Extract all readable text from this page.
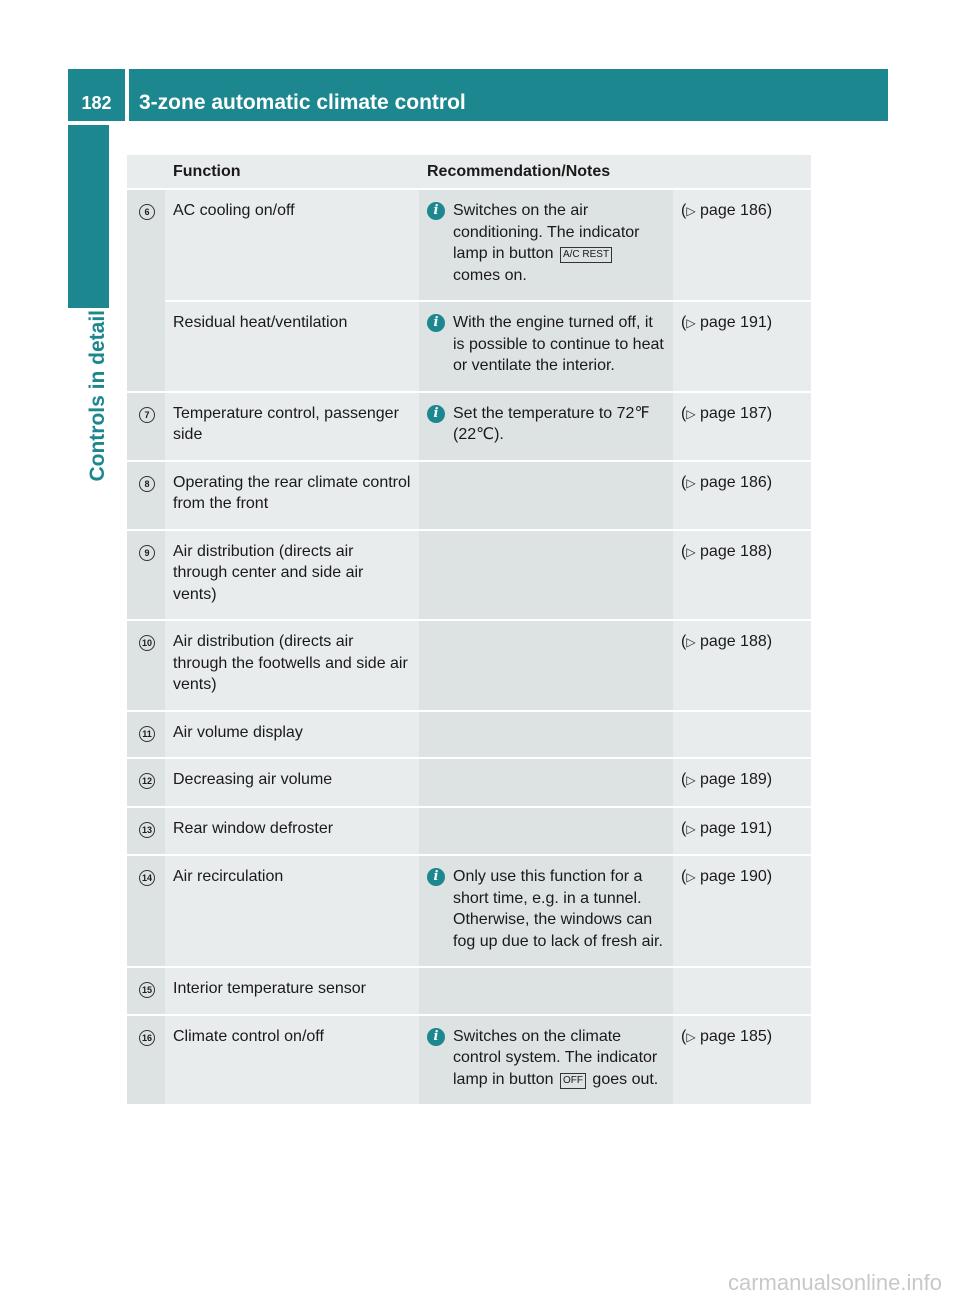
182	3-zone automatic climate control
Controls in detail
	Function	Recommendation/Notes	
6	AC cooling on/off	i Switches on the air conditioning. The indicator lamp in button A/C REST comes on.	(▷ page 186)
	Residual heat/ventilation	i With the engine turned off, it is possible to continue to heat or ventilate the interior.	(▷ page 191)
7	Temperature control, passenger side	i Set the temperature to 72℉ (22℃).	(▷ page 187)
8	Operating the rear climate control from the front		(▷ page 186)
9	Air distribution (directs air through center and side air vents)		(▷ page 188)
10	Air distribution (directs air through the footwells and side air vents)		(▷ page 188)
11	Air volume display		
12	Decreasing air volume		(▷ page 189)
13	Rear window defroster		(▷ page 191)
14	Air recirculation	i Only use this function for a short time, e.g. in a tunnel. Otherwise, the windows can fog up due to lack of fresh air.	(▷ page 190)
15	Interior temperature sensor		
16	Climate control on/off	i Switches on the climate control system. The indicator lamp in button OFF goes out.	(▷ page 185)
carmanualsonline.info
